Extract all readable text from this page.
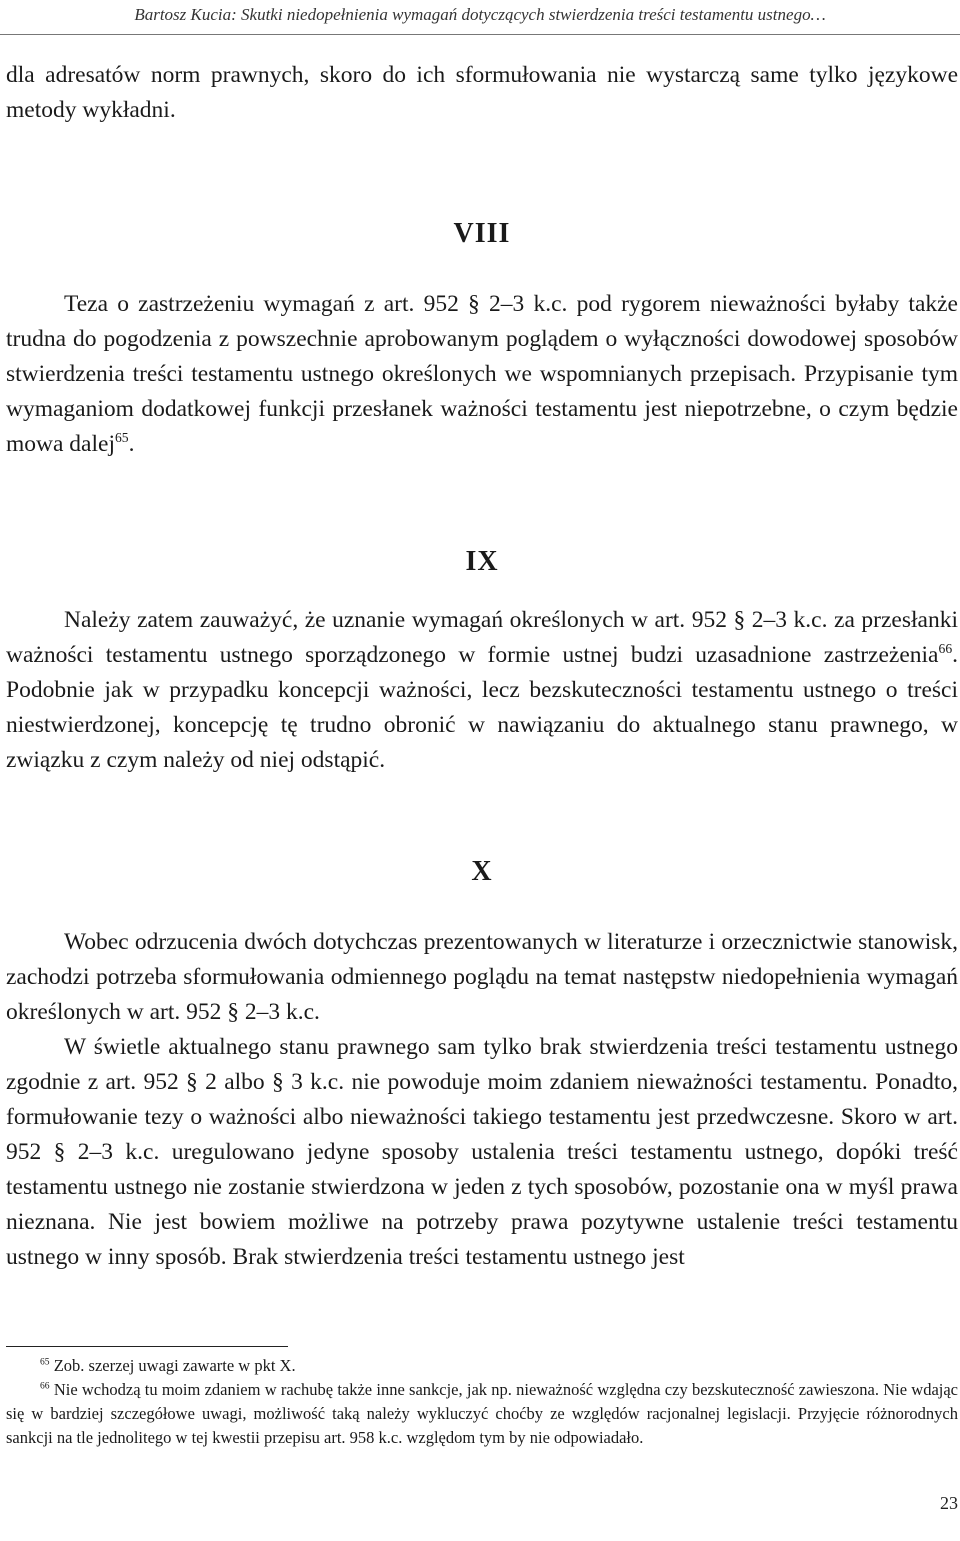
Bartosz Kucia: Skutki niedopełnienia wymagań dotyczących stwierdzenia treści testamentu ustnego…

dla adresatów norm prawnych, skoro do ich sformułowania nie wystarczą same tylko językowe metody wykładni.

VIII

Teza o zastrzeżeniu wymagań z art. 952 § 2–3 k.c. pod rygorem nieważności byłaby także trudna do pogodzenia z powszechnie aprobowanym poglądem o wyłączności dowodowej sposobów stwierdzenia treści testamentu ustnego określonych we wspomnianych przepisach. Przypisanie tym wymaganiom dodatkowej funkcji przesłanek ważności testamentu jest niepotrzebne, o czym będzie mowa dalej$^{65}$.

IX

Należy zatem zauważyć, że uznanie wymagań określonych w art. 952 § 2–3 k.c. za przesłanki ważności testamentu ustnego sporządzonego w formie ustnej budzi uzasadnione zastrzeżenia$^{66}$. Podobnie jak w przypadku koncepcji ważności, lecz bezskuteczności testamentu ustnego o treści niestwierdzonej, koncepcję tę trudno obronić w nawiązaniu do aktualnego stanu prawnego, w związku z czym należy od niej odstąpić.

X

Wobec odrzucenia dwóch dotychczas prezentowanych w literaturze i orzecznictwie stanowisk, zachodzi potrzeba sformułowania odmiennego poglądu na temat następstw niedopełnienia wymagań określonych w art. 952 § 2–3 k.c.

W świetle aktualnego stanu prawnego sam tylko brak stwierdzenia treści testamentu ustnego zgodnie z art. 952 § 2 albo § 3 k.c. nie powoduje moim zdaniem nieważności testamentu. Ponadto, formułowanie tezy o ważności albo nieważności takiego testamentu jest przedwczesne. Skoro w art. 952 § 2–3 k.c. uregulowano jedyne sposoby ustalenia treści testamentu ustnego, dopóki treść testamentu ustnego nie zostanie stwierdzona w jeden z tych sposobów, pozostanie ona w myśl prawa nieznana. Nie jest bowiem możliwe na potrzeby prawa pozytywne ustalenie treści testamentu ustnego w inny sposób. Brak stwierdzenia treści testamentu ustnego jest

$^{65}$ Zob. szerzej uwagi zawarte w pkt X.

$^{66}$ Nie wchodzą tu moim zdaniem w rachubę także inne sankcje, jak np. nieważność względna czy bezskuteczność zawieszona. Nie wdając się w bardziej szczegółowe uwagi, możliwość taką należy wykluczyć choćby ze względów racjonalnej legislacji. Przyjęcie różnorodnych sankcji na tle jednolitego w tej kwestii przepisu art. 958 k.c. względom tym by nie odpowiadało.

23
